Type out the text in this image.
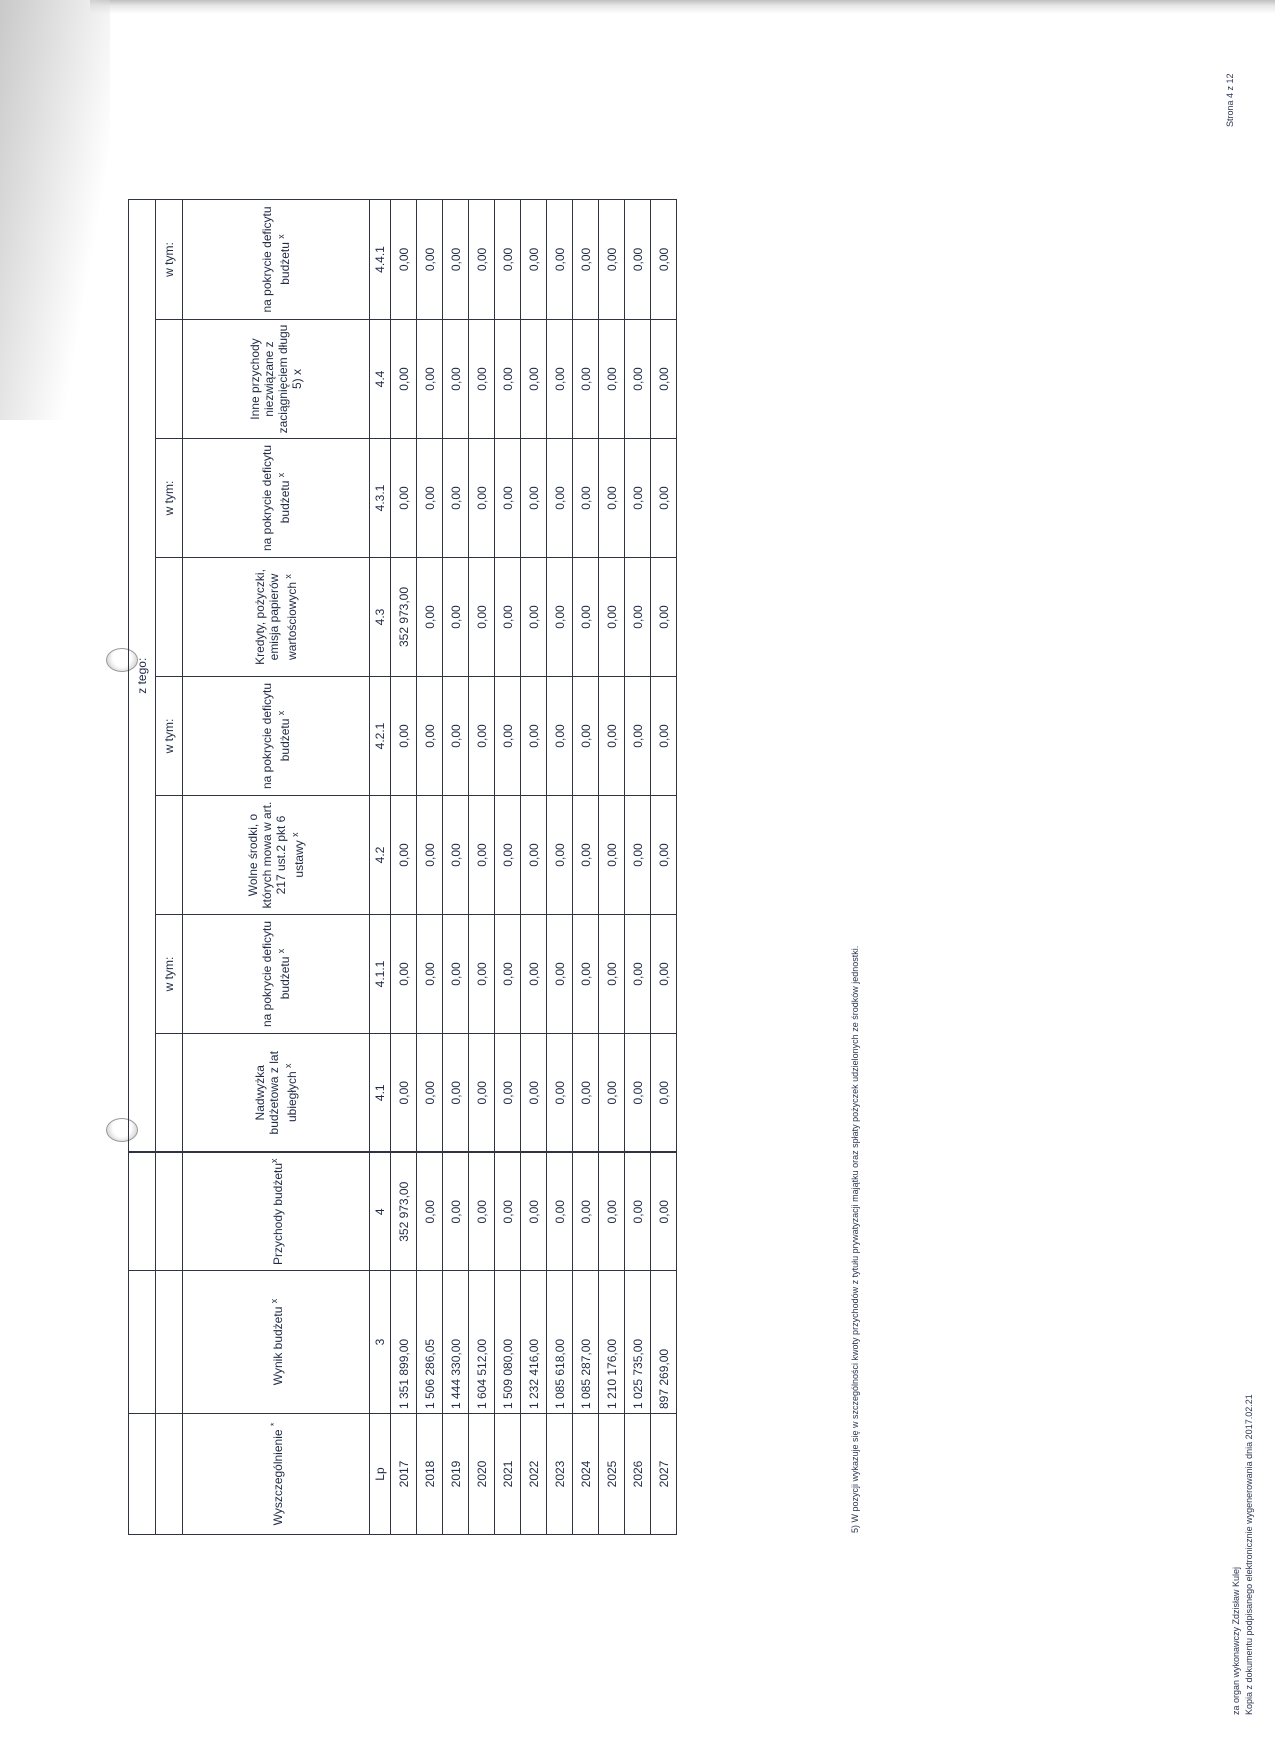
Strona 4 z 12
za organ wykonawczy Zdzisław Kulej Kopia z dokumentu podpisanego elektronicznie wygenerowania dnia 2017.02.21
			z tego:							
				w tym:		w tym:		w tym:		w tym:
Wyszczególnienie *	Wynik budżetu $^x$	Przychody budżetu$^x$	Nadwyżka budżetowa z lat ubiegłych $^x$	na pokrycie deficytu budżetu $^x$	Wolne środki, o których mowa w art. 217 ust.2 pkt 6 ustawy $^x$	na pokrycie deficytu budżetu $^x$	Kredyty, pożyczki, emisja papierów wartościowych $^x$	na pokrycie deficytu budżetu $^x$	Inne przychody niezwiązane z zaciągnięciem długu 5) x	na pokrycie deficytu budżetu $^x$
Lp	3	4	4.1	4.1.1	4.2	4.2.1	4.3	4.3.1	4.4	4.4.1
2017	1 351 899,00	352 973,00	0,00	0,00	0,00	0,00	352 973,00	0,00	0,00	0,00
2018	1 506 286,05	0,00	0,00	0,00	0,00	0,00	0,00	0,00	0,00	0,00
2019	1 444 330,00	0,00	0,00	0,00	0,00	0,00	0,00	0,00	0,00	0,00
2020	1 604 512,00	0,00	0,00	0,00	0,00	0,00	0,00	0,00	0,00	0,00
2021	1 509 080,00	0,00	0,00	0,00	0,00	0,00	0,00	0,00	0,00	0,00
2022	1 232 416,00	0,00	0,00	0,00	0,00	0,00	0,00	0,00	0,00	0,00
2023	1 085 618,00	0,00	0,00	0,00	0,00	0,00	0,00	0,00	0,00	0,00
2024	1 085 287,00	0,00	0,00	0,00	0,00	0,00	0,00	0,00	0,00	0,00
2025	1 210 176,00	0,00	0,00	0,00	0,00	0,00	0,00	0,00	0,00	0,00
2026	1 025 735,00	0,00	0,00	0,00	0,00	0,00	0,00	0,00	0,00	0,00
2027	897 269,00	0,00	0,00	0,00	0,00	0,00	0,00	0,00	0,00	0,00
5) W pozycji wykazuje się w szczególności kwoty przychodów z tytułu prywatyzacji majątku oraz spłaty pożyczek udzielonych ze środków jednostki.
